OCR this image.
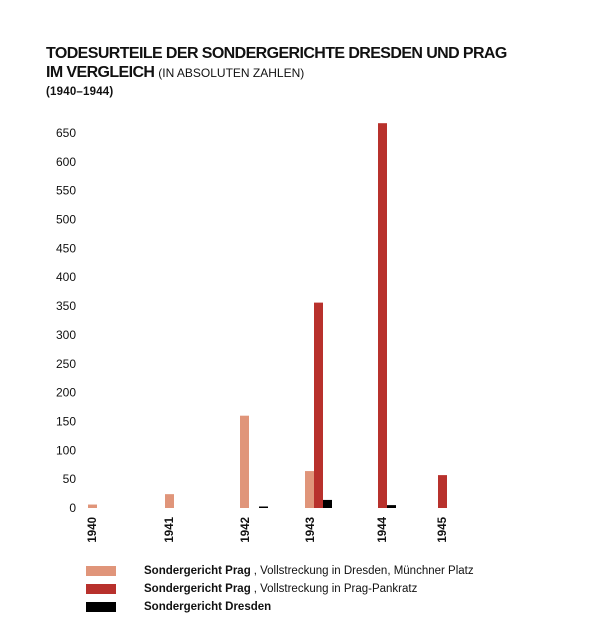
TODESURTEILE DER SONDERGERICHTE DRESDEN UND PRAG
IM VERGLEICH (IN ABSOLUTEN ZAHLEN)
(1940–1944)
0
50
100
150
200
250
300
350
400
450
500
550
600
650
1940	1941	1942	1943	1944	1945
Sondergericht Prag , Vollstreckung in Dresden, Münchner Platz
Sondergericht Prag , Vollstreckung in Prag-Pankratz
Sondergericht Dresden
